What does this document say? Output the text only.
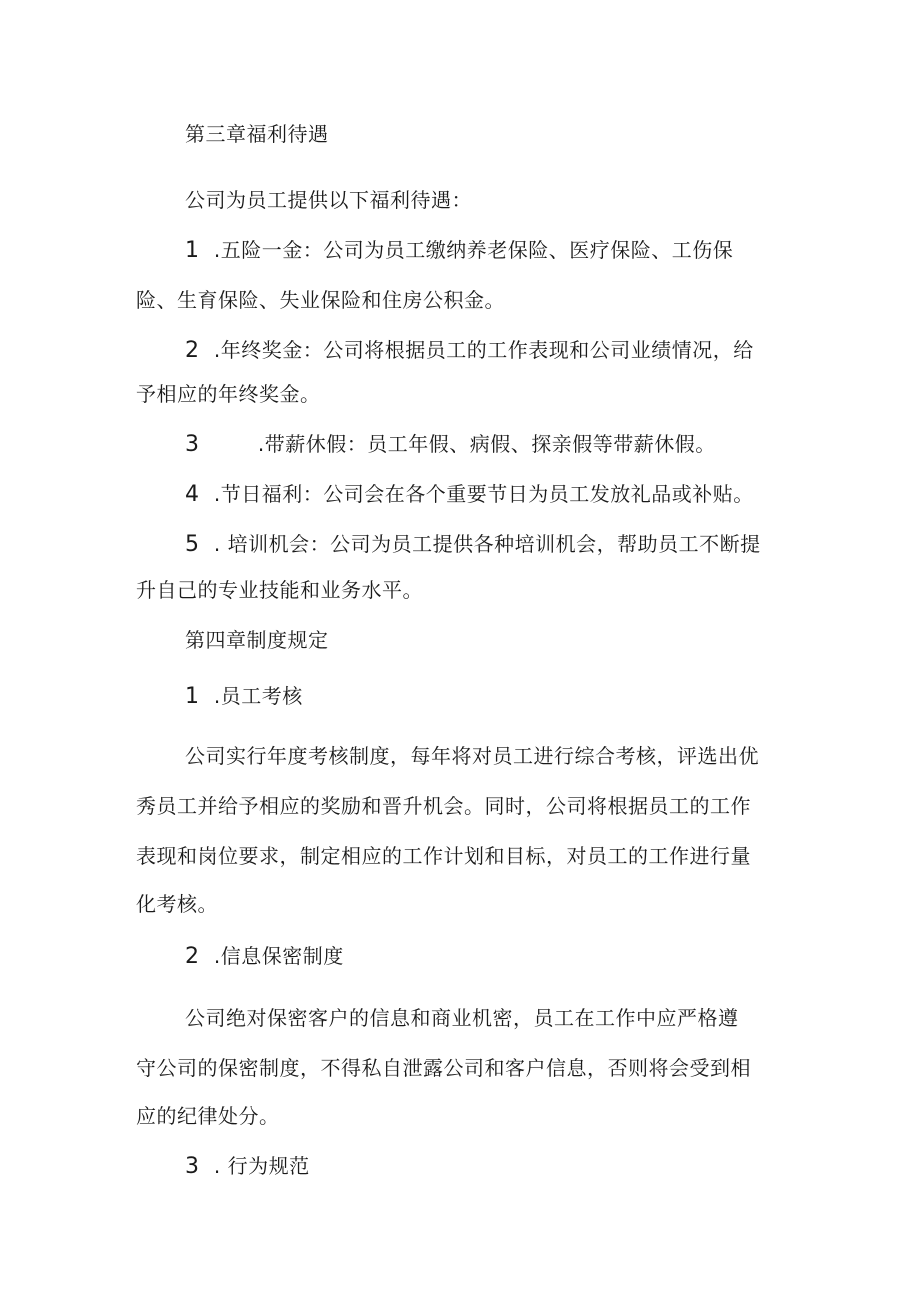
第三章福利待遇
公司为员工提供以下福利待遇：
1 .五险一金：公司为员工缴纳养老保险、医疗保险、工伤保
险、生育保险、失业保险和住房公积金。
2 .年终奖金：公司将根据员工的工作表现和公司业绩情况，给
予相应的年终奖金。
3	.带薪休假：员工年假、病假、探亲假等带薪休假。
4 .节日福利：公司会在各个重要节日为员工发放礼品或补贴。
5 . 培训机会：公司为员工提供各种培训机会，帮助员工不断提
升自己的专业技能和业务水平。
第四章制度规定
1 .员工考核
公司实行年度考核制度，每年将对员工进行综合考核，评选出优
秀员工并给予相应的奖励和晋升机会。同时，公司将根据员工的工作
表现和岗位要求，制定相应的工作计划和目标，对员工的工作进行量
化考核。
2 .信息保密制度
公司绝对保密客户的信息和商业机密，员工在工作中应严格遵
守公司的保密制度，不得私自泄露公司和客户信息，否则将会受到相
应的纪律处分。
3 . 行为规范
